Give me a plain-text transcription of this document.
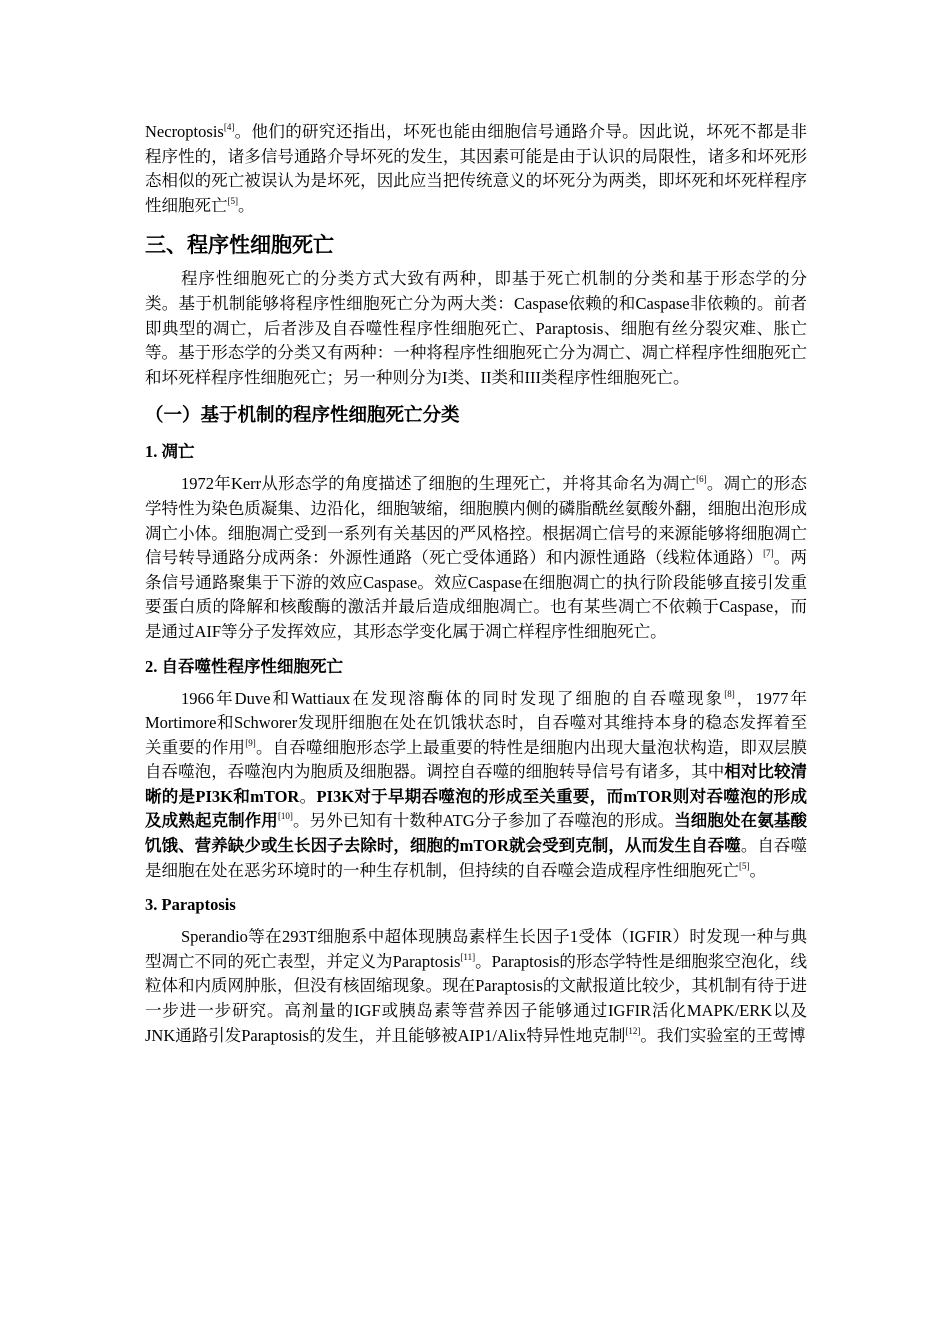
Necroptosis[4]。他们的研究还指出，坏死也能由细胞信号通路介导。因此说，坏死不都是非程序性的，诸多信号通路介导坏死的发生，其因素可能是由于认识的局限性，诸多和坏死形态相似的死亡被误认为是坏死，因此应当把传统意义的坏死分为两类，即坏死和坏死样程序性细胞死亡[5]。

三、程序性细胞死亡

程序性细胞死亡的分类方式大致有两种，即基于死亡机制的分类和基于形态学的分类。基于机制能够将程序性细胞死亡分为两大类：Caspase依赖的和Caspase非依赖的。前者即典型的凋亡，后者涉及自吞噬性程序性细胞死亡、Paraptosis、细胞有丝分裂灾难、胀亡等。基于形态学的分类又有两种：一种将程序性细胞死亡分为凋亡、凋亡样程序性细胞死亡和坏死样程序性细胞死亡；另一种则分为I类、II类和III类程序性细胞死亡。

（一）基于机制的程序性细胞死亡分类
1. 凋亡

1972年Kerr从形态学的角度描述了细胞的生理死亡，并将其命名为凋亡[6]。凋亡的形态学特性为染色质凝集、边沿化，细胞皱缩，细胞膜内侧的磷脂酰丝氨酸外翻，细胞出泡形成凋亡小体。细胞凋亡受到一系列有关基因的严风格控。根据凋亡信号的来源能够将细胞凋亡信号转导通路分成两条：外源性通路（死亡受体通路）和内源性通路（线粒体通路）[7]。两条信号通路聚集于下游的效应Caspase。效应Caspase在细胞凋亡的执行阶段能够直接引发重要蛋白质的降解和核酸酶的激活并最后造成细胞凋亡。也有某些凋亡不依赖于Caspase，而是通过AIF等分子发挥效应，其形态学变化属于凋亡样程序性细胞死亡。

2. 自吞噬性程序性细胞死亡

1966年Duve和Wattiaux在发现溶酶体的同时发现了细胞的自吞噬现象[8]，1977年Mortimore和Schworer发现肝细胞在处在饥饿状态时，自吞噬对其维持本身的稳态发挥着至关重要的作用[9]。自吞噬细胞形态学上最重要的特性是细胞内出现大量泡状构造，即双层膜自吞噬泡，吞噬泡内为胞质及细胞器。调控自吞噬的细胞转导信号有诸多，其中相对比较清晰的是PI3K和mTOR。PI3K对于早期吞噬泡的形成至关重要，而mTOR则对吞噬泡的形成及成熟起克制作用[10]。另外已知有十数种ATG分子参加了吞噬泡的形成。当细胞处在氨基酸饥饿、营养缺少或生长因子去除时，细胞的mTOR就会受到克制，从而发生自吞噬。自吞噬是细胞在处在恶劣环境时的一种生存机制，但持续的自吞噬会造成程序性细胞死亡[5]。

3. Paraptosis

Sperandio等在293T细胞系中超体现胰岛素样生长因子1受体（IGFIR）时发现一种与典型凋亡不同的死亡表型，并定义为Paraptosis[11]。Paraptosis的形态学特性是细胞浆空泡化，线粒体和内质网肿胀，但没有核固缩现象。现在Paraptosis的文献报道比较少，其机制有待于进一步进一步研究。高剂量的IGF或胰岛素等营养因子能够通过IGFIR活化MAPK/ERK以及JNK通路引发Paraptosis的发生，并且能够被AIP1/Alix特异性地克制[12]。我们实验室的王莺博
